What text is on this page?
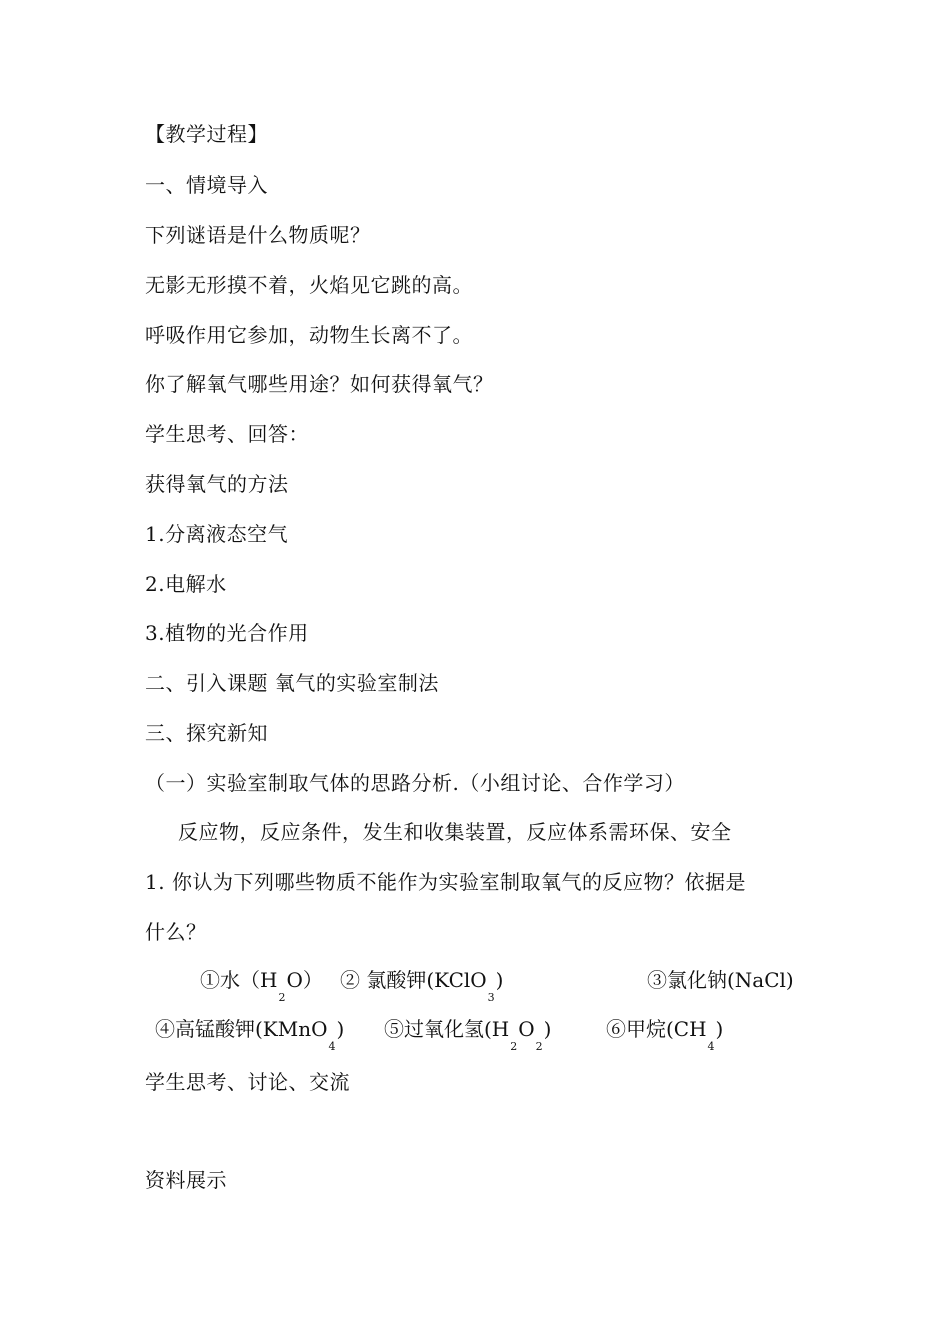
【教学过程】
一、情境导入
下列谜语是什么物质呢？
无影无形摸不着，火焰见它跳的高。
呼吸作用它参加，动物生长离不了。
你了解氧气哪些用途？如何获得氧气？
学生思考、回答：
获得氧气的方法
1.分离液态空气
2.电解水
3.植物的光合作用
二、引入课题 氧气的实验室制法
三、探究新知
（一）实验室制取气体的思路分析.（小组讨论、合作学习）
反应物，反应条件，发生和收集装置，反应体系需环保、安全
1. 你认为下列哪些物质不能作为实验室制取氧气的反应物？依据是
什么？
①水$(H_2O)$ ② 氯酸钾(KClO$_3$)	③氯化钠(NaCl)
④高锰酸钾(KMnO$_4$) ⑤过氧化氢$(H_2O_2)$	⑥甲烷$(CH_4)$
学生思考、讨论、交流
资料展示
